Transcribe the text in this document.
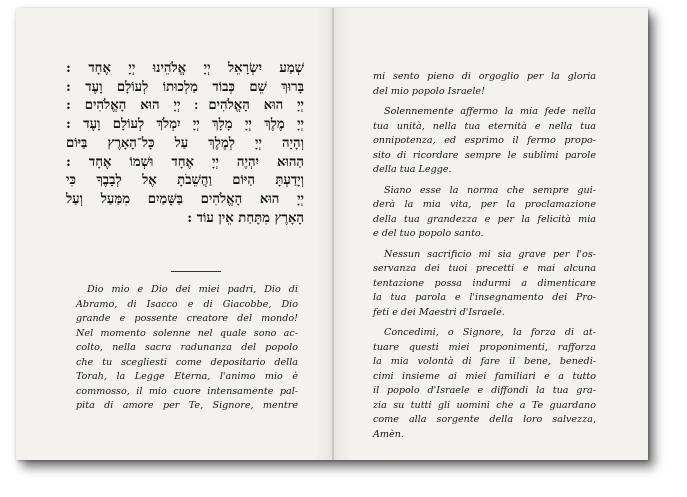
שְׁמַע יִשְׂרָאֵל יְיָ אֱלֹהֵינוּ יְיָ אֶחָד :
בָּרוּךְ שֵׁם כְּבוֹד מַלְכוּתוֹ לְעוֹלָם וָעֶד :
יְיָ הוּא הָאֱלֹהִים ׃ יְיָ הוּא הָאֱלֹהִים :
יְיָ מֶלֶךְ יְיָ מָלָךְ יְיָ יִמְלֹךְ לְעוֹלָם וָעֶד :
וְהָיָה יְיָ לְמֶלֶךְ עַל כָּל־הָאָרֶץ בַּיּוֹם
הַהוּא יִהְיֶה יְיָ אֶחָד וּשְׁמוֹ אֶחָד :
וְיָדַעְתָּ הַיּוֹם וַהֲשֵׁבֹתָ אֶל לְבָבֶךָ כִּי
יְיָ הוּא הָאֱלֹהִים בַּשָּׁמַיִם מִמַּעַל וְעַל
הָאָרֶץ מִתָּחַת אֵין עוֹד :
Dio mio e Dio dei miei padri, Dio di
Abramo, di Isacco e di Giacobbe, Dio
grande e possente creatore del mondo!
Nel momento solenne nel quale sono ac-
colto, nella sacra radunanza del popolo
che tu scegliesti come depositario della
Torah, la Legge Eterna, l'animo mio è
commosso, il mio cuore intensamente pal-
pita di amore per Te, Signore, mentre
mi sento pieno di orgoglio per la gloria
del mio popolo Israele!
Solennemente affermo la mia fede nella
tua unità, nella tua eternità e nella tua
onnipotenza, ed esprimo il fermo propo-
sito di ricordare sempre le sublimi parole
della tua Legge.
Siano esse la norma che sempre gui-
derà la mia vita, per la proclamazione
della tua grandezza e per la felicità mia
e del tuo popolo santo.
Nessun sacrificio mi sia grave per l'os-
servanza dei tuoi precetti e mai alcuna
tentazione possa indurmi a dimenticare
la tua parola e l'insegnamento dei Pro-
feti e dei Maestri d'Israele.
Concedimi, o Signore, la forza di at-
tuare questi miei proponimenti, rafforza
la mia volontà di fare il bene, benedi-
cimi insieme ai miei familiari e a tutto
il popolo d'Israele e diffondi la tua gra-
zia su tutti gli uomini che a Te guardano
come alla sorgente della loro salvezza,
Amèn.
